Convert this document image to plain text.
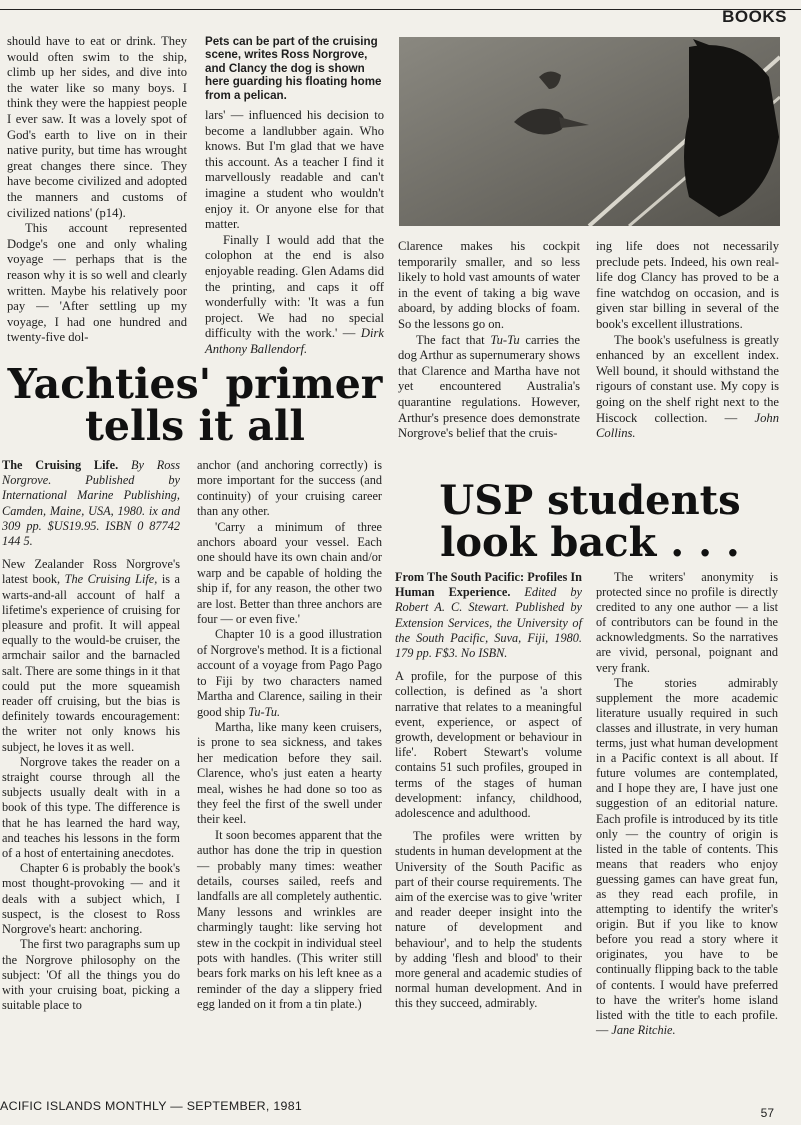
BOOKS

should have to eat or drink. They would often swim to the ship, climb up her sides, and dive into the water like so many boys. I think they were the happiest people I ever saw. It was a lovely spot of God's earth to live on in their native purity, but time has wrought great changes there since. They have become civilized and adopted the manners and customs of civilized nations' (p14).

This account represented Dodge's one and only whaling voyage — perhaps that is the reason why it is so well and clearly written. Maybe his relatively poor pay — 'After settling up my voyage, I had one hundred and twenty-five dol-

Pets can be part of the cruising scene, writes Ross Norgrove, and Clancy the dog is shown here guarding his floating home from a pelican.

lars' — influenced his decision to become a landlubber again. Who knows. But I'm glad that we have this account. As a teacher I find it marvellously readable and can't imagine a student who wouldn't enjoy it. Or anyone else for that matter.

Finally I would add that the colophon at the end is also enjoyable reading. Glen Adams did the printing, and caps it off wonderfully with: 'It was a fun project. We had no special difficulty with the work.' — Dirk Anthony Ballendorf.

Yachties' primer

tells it all

The Cruising Life. By Ross Norgrove. Published by International Marine Publishing, Camden, Maine, USA, 1980. ix and 309 pp. $US19.95. ISBN 0 87742 144 5.

New Zealander Ross Norgrove's latest book, The Cruising Life, is a warts-and-all account of half a lifetime's experience of cruising for pleasure and profit. It will appeal equally to the would-be cruiser, the armchair sailor and the barnacled salt. There are some things in it that could put the more squeamish reader off cruising, but the bias is definitely towards encouragement: the writer not only knows his subject, he loves it as well.

Norgrove takes the reader on a straight course through all the subjects usually dealt with in a book of this type. The difference is that he has learned the hard way, and teaches his lessons in the form of a host of entertaining anecdotes.

Chapter 6 is probably the book's most thought-provoking — and it deals with a subject which, I suspect, is the closest to Ross Norgrove's heart: anchoring.

The first two paragraphs sum up the Norgrove philosophy on the subject: 'Of all the things you do with your cruising boat, picking a suitable place to

anchor (and anchoring correctly) is more important for the success (and continuity) of your cruising career than any other.

'Carry a minimum of three anchors aboard your vessel. Each one should have its own chain and/or warp and be capable of holding the ship if, for any reason, the other two are lost. Better than three anchors are four — or even five.'

Chapter 10 is a good illustration of Norgrove's method. It is a fictional account of a voyage from Pago Pago to Fiji by two characters named Martha and Clarence, sailing in their good ship Tu-Tu.

Martha, like many keen cruisers, is prone to sea sickness, and takes her medication before they sail. Clarence, who's just eaten a hearty meal, wishes he had done so too as they feel the first of the swell under their keel.

It soon becomes apparent that the author has done the trip in question — probably many times: weather details, courses sailed, reefs and landfalls are all completely authentic. Many lessons and wrinkles are charmingly taught: like serving hot stew in the cockpit in individual steel pots with handles. (This writer still bears fork marks on his left knee as a reminder of the day a slippery fried egg landed on it from a tin plate.)

Clarence makes his cockpit temporarily smaller, and so less likely to hold vast amounts of water in the event of taking a big wave aboard, by adding blocks of foam. So the lessons go on.

The fact that Tu-Tu carries the dog Arthur as supernumerary shows that Clarence and Martha have not yet encountered Australia's quarantine regulations. However, Arthur's presence does demonstrate Norgrove's belief that the cruis-

ing life does not necessarily preclude pets. Indeed, his own real-life dog Clancy has proved to be a fine watchdog on occasion, and is given star billing in several of the book's excellent illustrations.

The book's usefulness is greatly enhanced by an excellent index. Well bound, it should withstand the rigours of constant use. My copy is going on the shelf right next to the Hiscock collection. — John Collins.

USP students

look back . . .

From The South Pacific: Profiles In Human Experience. Edited by Robert A. C. Stewart. Published by Extension Services, the University of the South Pacific, Suva, Fiji, 1980. 179 pp. F$3. No ISBN.

A profile, for the purpose of this collection, is defined as 'a short narrative that relates to a meaningful event, experience, or aspect of growth, development or behaviour in life'. Robert Stewart's volume contains 51 such profiles, grouped in terms of the stages of human development: infancy, childhood, adolescence and adulthood.

The profiles were written by students in human development at the University of the South Pacific as part of their course requirements. The aim of the exercise was to give 'writer and reader deeper insight into the nature of development and behaviour', and to help the students by adding 'flesh and blood' to their more general and academic studies of normal human development. And in this they succeed, admirably.

The writers' anonymity is protected since no profile is directly credited to any one author — a list of contributors can be found in the acknowledgments. So the narratives are vivid, personal, poignant and very frank.

The stories admirably supplement the more academic literature usually required in such classes and illustrate, in very human terms, just what human development in a Pacific context is all about. If future volumes are contemplated, and I hope they are, I have just one suggestion of an editorial nature. Each profile is introduced by its title only — the country of origin is listed in the table of contents. This means that readers who enjoy guessing games can have great fun, as they read each profile, in attempting to identify the writer's origin. But if you like to know before you read a story where it originates, you have to be continually flipping back to the table of contents. I would have preferred to have the writer's home island listed with the title to each profile. — Jane Ritchie.

ACIFIC ISLANDS MONTHLY — SEPTEMBER, 1981	57
